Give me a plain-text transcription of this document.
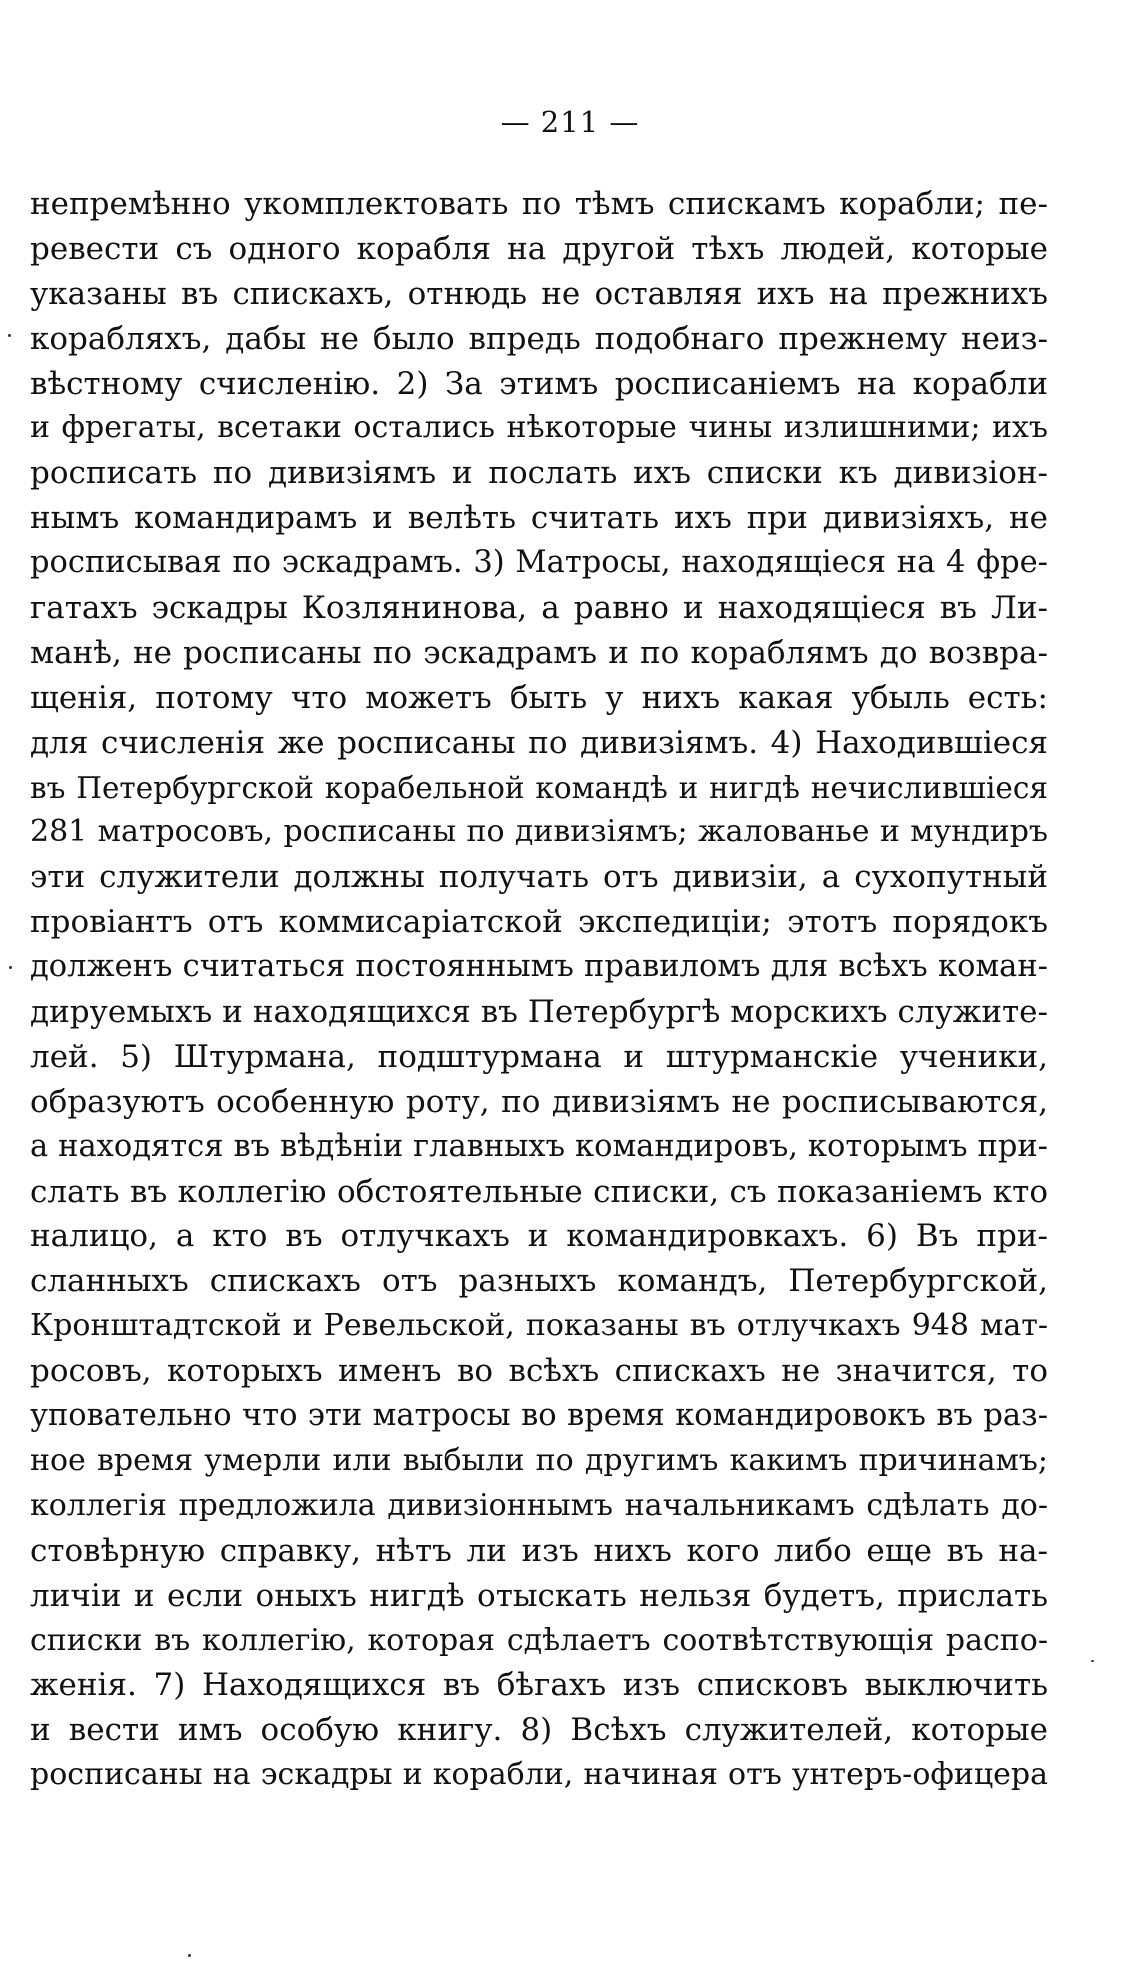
— 211 —
непремѣнно укомплектовать по тѣмъ спискамъ корабли; пе-
ревести съ одного корабля на другой тѣхъ людей, которые
указаны въ спискахъ, отнюдь не оставляя ихъ на прежнихъ
корабляхъ, дабы не было впредь подобнаго прежнему неиз-
вѣстному счисленію. 2) За этимъ росписаніемъ на корабли
и фрегаты, всетаки остались нѣкоторые чины излишними; ихъ
росписать по дивизіямъ и послать ихъ списки къ дивизіон-
нымъ командирамъ и велѣть считать ихъ при дивизіяхъ, не
росписывая по эскадрамъ. 3) Матросы, находящіеся на 4 фре-
гатахъ эскадры Козлянинова, а равно и находящіеся въ Ли-
манѣ, не росписаны по эскадрамъ и по кораблямъ до возвра-
щенія, потому что можетъ быть у нихъ какая убыль есть:
для счисленія же росписаны по дивизіямъ. 4) Находившіеся
въ Петербургской корабельной командѣ и нигдѣ нечислившіеся
281 матросовъ, росписаны по дивизіямъ; жалованье и мундиръ
эти служители должны получать отъ дивизіи, а сухопутный
провіантъ отъ коммисаріатской экспедиціи; этотъ порядокъ
долженъ считаться постояннымъ правиломъ для всѣхъ коман-
дируемыхъ и находящихся въ Петербургѣ морскихъ служите-
лей. 5) Штурмана, подштурмана и штурманскіе ученики,
образуютъ особенную роту, по дивизіямъ не росписываются,
а находятся въ вѣдѣніи главныхъ командировъ, которымъ при-
слать въ коллегію обстоятельные списки, съ показаніемъ кто
налицо, а кто въ отлучкахъ и командировкахъ. 6) Въ при-
сланныхъ спискахъ отъ разныхъ командъ, Петербургской,
Кронштадтской и Ревельской, показаны въ отлучкахъ 948 мат-
росовъ, которыхъ именъ во всѣхъ спискахъ не значится, то
уповательно что эти матросы во время командировокъ въ раз-
ное время умерли или выбыли по другимъ какимъ причинамъ;
коллегія предложила дивизіоннымъ начальникамъ сдѣлать до-
стовѣрную справку, нѣтъ ли изъ нихъ кого либо еще въ на-
личіи и если оныхъ нигдѣ отыскать нельзя будетъ, прислать
списки въ коллегію, которая сдѣлаетъ соотвѣтствующія распо-
женія. 7) Находящихся въ бѣгахъ изъ списковъ выключить
и вести имъ особую книгу. 8) Всѣхъ служителей, которые
росписаны на эскадры и корабли, начиная отъ унтеръ-офицера
